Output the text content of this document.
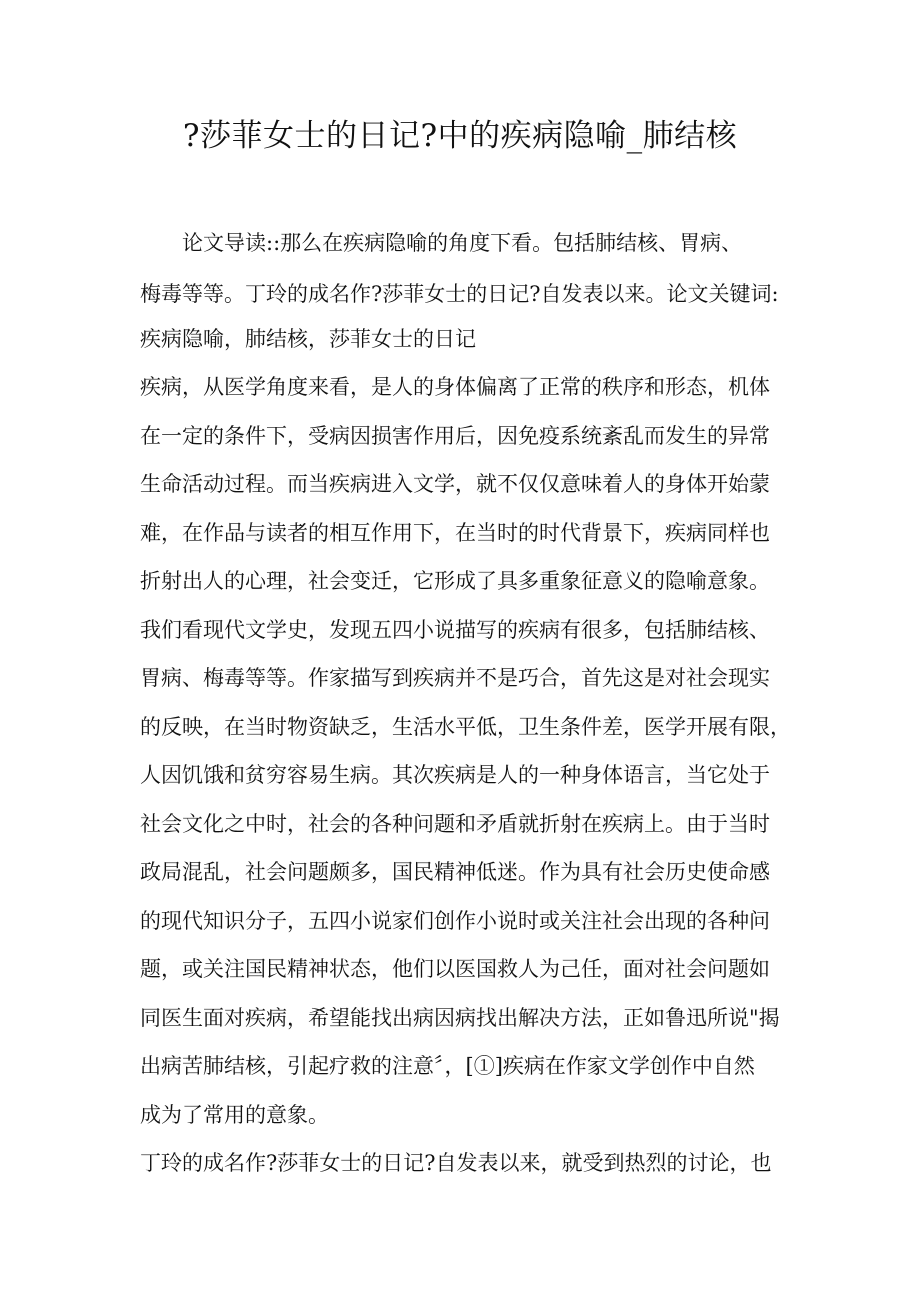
?莎菲女士的日记?中的疾病隐喻_肺结核
论文导读::那么在疾病隐喻的角度下看。包括肺结核、胃病、
梅毒等等。丁玲的成名作?莎菲女士的日记?自发表以来。论文关键词:
疾病隐喻，肺结核，莎菲女士的日记
疾病，从医学角度来看，是人的身体偏离了正常的秩序和形态，机体
在一定的条件下，受病因损害作用后，因免疫系统紊乱而发生的异常
生命活动过程。而当疾病进入文学，就不仅仅意味着人的身体开始蒙
难，在作品与读者的相互作用下，在当时的时代背景下，疾病同样也
折射出人的心理，社会变迁，它形成了具多重象征意义的隐喻意象。
我们看现代文学史，发现五四小说描写的疾病有很多，包括肺结核、
胃病、梅毒等等。作家描写到疾病并不是巧合，首先这是对社会现实
的反映，在当时物资缺乏，生活水平低，卫生条件差，医学开展有限，
人因饥饿和贫穷容易生病。其次疾病是人的一种身体语言，当它处于
社会文化之中时，社会的各种问题和矛盾就折射在疾病上。由于当时
政局混乱，社会问题颇多，国民精神低迷。作为具有社会历史使命感
的现代知识分子，五四小说家们创作小说时或关注社会出现的各种问
题，或关注国民精神状态，他们以医国救人为己任，面对社会问题如
同医生面对疾病，希望能找出病因病找出解决方法，正如鲁迅所说"揭
出病苦肺结核，引起疗救的注意〞，[①]疾病在作家文学创作中自然
成为了常用的意象。
丁玲的成名作?莎菲女士的日记?自发表以来，就受到热烈的讨论，也
